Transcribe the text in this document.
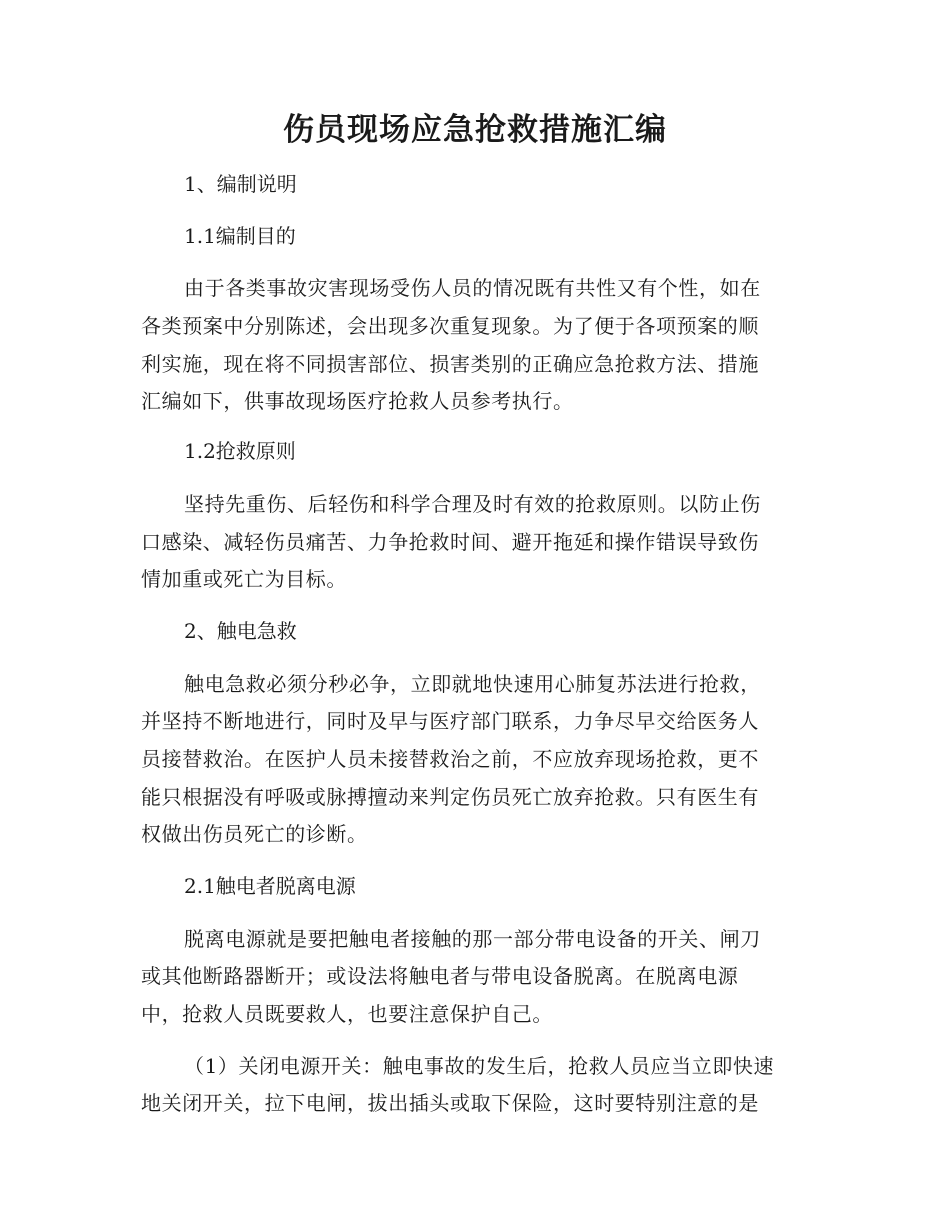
伤员现场应急抢救措施汇编

1、编制说明

1.1编制目的

由于各类事故灾害现场受伤人员的情况既有共性又有个性，如在

各类预案中分别陈述，会出现多次重复现象。为了便于各项预案的顺

利实施，现在将不同损害部位、损害类别的正确应急抢救方法、措施

汇编如下，供事故现场医疗抢救人员参考执行。

1.2抢救原则

坚持先重伤、后轻伤和科学合理及时有效的抢救原则。以防止伤

口感染、减轻伤员痛苦、力争抢救时间、避开拖延和操作错误导致伤

情加重或死亡为目标。

2、触电急救

触电急救必须分秒必争，立即就地快速用心肺复苏法进行抢救，

并坚持不断地进行，同时及早与医疗部门联系，力争尽早交给医务人

员接替救治。在医护人员未接替救治之前，不应放弃现场抢救，更不

能只根据没有呼吸或脉搏擅动来判定伤员死亡放弃抢救。只有医生有

权做出伤员死亡的诊断。

2.1触电者脱离电源

脱离电源就是要把触电者接触的那一部分带电设备的开关、闸刀

或其他断路器断开；或设法将触电者与带电设备脱离。在脱离电源

中，抢救人员既要救人，也要注意保护自己。

（1）关闭电源开关：触电事故的发生后，抢救人员应当立即快速

地关闭开关，拉下电闸，拔出插头或取下保险，这时要特别注意的是
